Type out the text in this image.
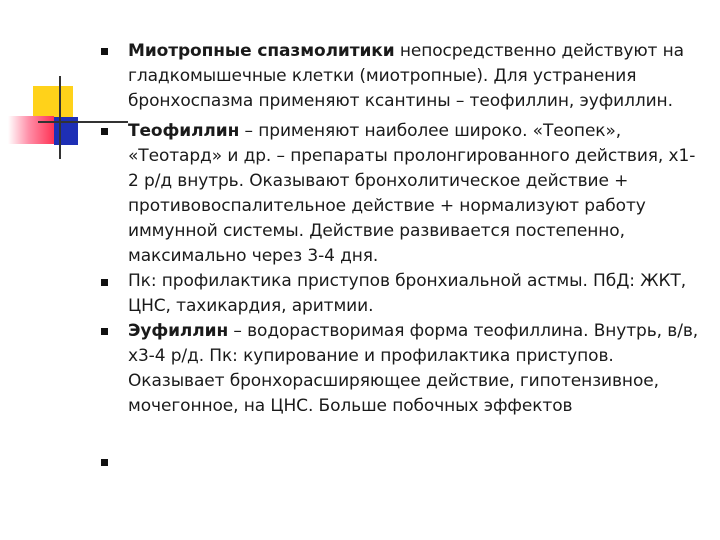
Миотропные спазмолитики непосредственно действуют на гладкомышечные клетки (миотропные). Для устранения бронхоспазма применяют ксантины – теофиллин, эуфиллин.

Теофиллин – применяют наиболее широко. «Теопек», «Теотард» и др. – препараты пролонгированного действия, х1-2 р/д внутрь. Оказывают бронхолитическое действие + противовоспалительное действие + нормализуют работу иммунной системы. Действие развивается постепенно, максимально через 3-4 дня.

Пк: профилактика приступов бронхиальной астмы. ПбД: ЖКТ, ЦНС, тахикардия, аритмии.

Эуфиллин – водорастворимая форма теофиллина. Внутрь, в/в, х3-4 р/д. Пк: купирование и профилактика приступов. Оказывает бронхорасширяющее действие, гипотензивное, мочегонное, на ЦНС. Больше побочных эффектов
